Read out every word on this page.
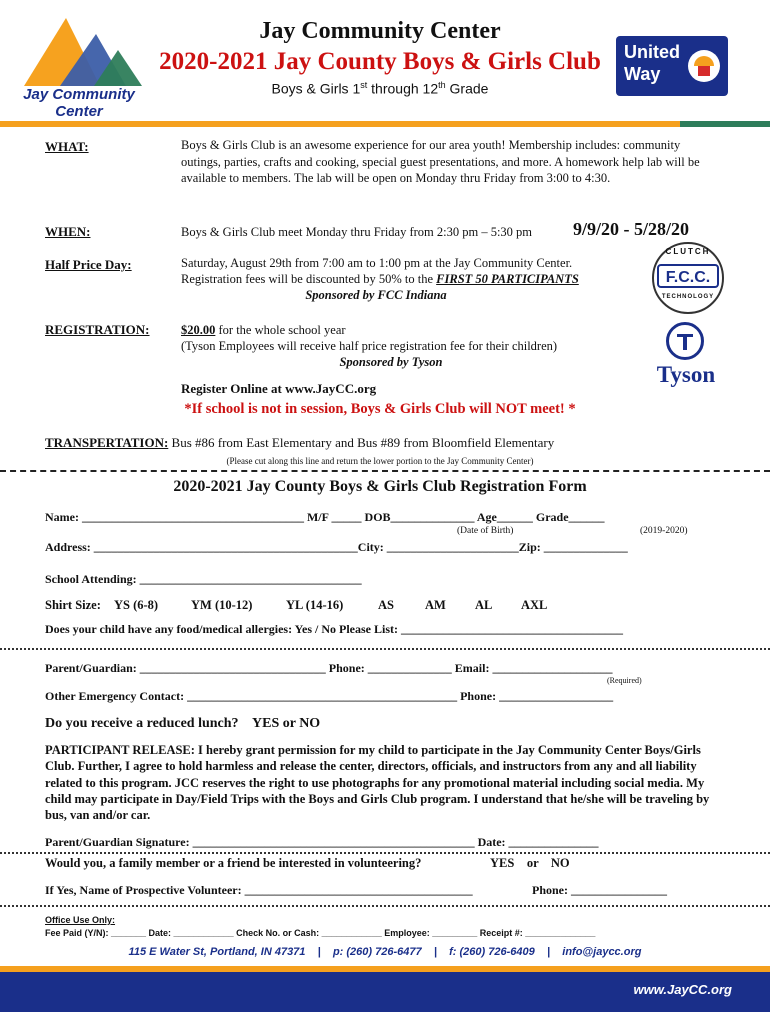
Jay Community
Center
Jay Community Center
2020-2021 Jay County Boys & Girls Club
Boys & Girls 1st through 12th Grade
United
Way
WHAT:	Boys & Girls Club is an awesome experience for our area youth! Membership includes: community outings, parties, crafts and cooking, special guest presentations, and more. A homework help lab will be available to members. The lab will be open on Monday thru Friday from 3:00 to 4:30.
WHEN:	Boys & Girls Club meet Monday thru Friday from 2:30 pm – 5:30 pm 9/9/20 - 5/28/20
Half Price Day:	Saturday, August 29th from 7:00 am to 1:00 pm at the Jay Community Center.
Registration fees will be discounted by 50% to the FIRST 50 PARTICIPANTS
Sponsored by FCC Indiana
CLUTCH
F.C.C.
TECHNOLOGY
REGISTRATION:	$20.00 for the whole school year
(Tyson Employees will receive half price registration fee for their children)
Sponsored by Tyson	Tyson
Register Online at www.JayCC.org
*If school is not in session, Boys & Girls Club will NOT meet! *
TRANSPERTATION: Bus #86 from East Elementary and Bus #89 from Bloomfield Elementary
(Please cut along this line and return the lower portion to the Jay Community Center)
2020-2021 Jay County Boys & Girls Club Registration Form
Name: _____________________________________ M/F _____ DOB______________ Age______ Grade______
(Date of Birth)	(2019-2020)
Address: ____________________________________________City: ______________________Zip: ______________
School Attending: _____________________________________
Shirt Size: YS (6-8)	YM (10-12)	YL (14-16)	AS AM AL AXL
Does your child have any food/medical allergies: Yes / No Please List: _____________________________________
Parent/Guardian: _______________________________ Phone: ______________ Email: ____________________
(Required)
Other Emergency Contact: _____________________________________________ Phone: ___________________
Do you receive a reduced lunch?    YES or NO
PARTICIPANT RELEASE: I hereby grant permission for my child to participate in the Jay Community Center Boys/Girls Club. Further, I agree to hold harmless and release the center, directors, officials, and instructors from any and all liability related to this program. JCC reserves the right to use photographs for any promotional material including social media. My child may participate in Day/Field Trips with the Boys and Girls Club program. I understand that he/she will be traveling by bus, van and/or car.
Parent/Guardian Signature: _______________________________________________ Date: _______________
Would you, a family member or a friend be interested in volunteering?	YES    or    NO
If Yes, Name of Prospective Volunteer: ______________________________________	Phone: ________________
Office Use Only:
Fee Paid (Y/N): _______ Date: ____________ Check No. or Cash: ____________ Employee: _________ Receipt #: ______________
115 E Water St, Portland, IN 47371    |    p: (260) 726-6477    |    f: (260) 726-6409    |    info@jaycc.org
www.JayCC.org
